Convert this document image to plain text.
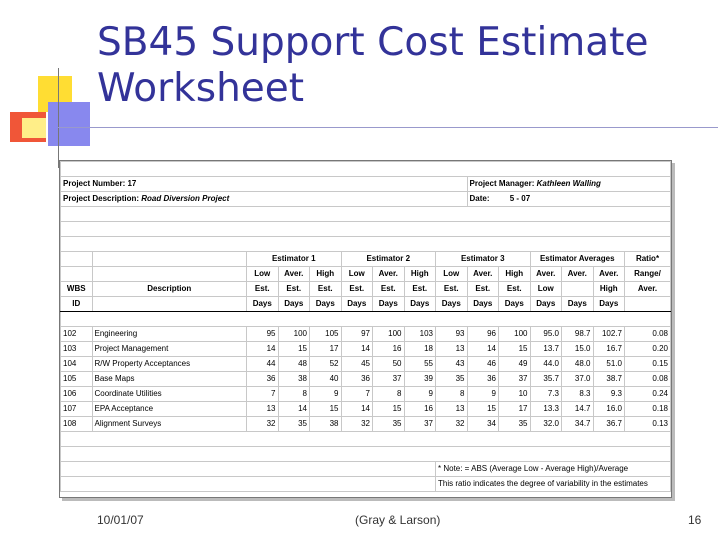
SB45 Support Cost Estimate
Worksheet

Project Number: 17									Project Manager: Kathleen Walling					
Project Description: Road Diversion Project									Date: 5 - 07					

		Estimator 1			Estimator 2			Estimator 3			Estimator Averages			Ratio*
		Low	Aver.	High	Low	Aver.	High	Low	Aver.	High	Aver.	Aver.	Aver.	Range/
WBS	Description	Est.	Est.	Est.	Est.	Est.	Est.	Est.	Est.	Est.	Low		High	Aver.
ID		Days	Days	Days	Days	Days	Days	Days	Days	Days	Days	Days	Days	

102	Engineering	95	100	105	97	100	103	93	96	100	95.0	98.7	102.7	0.08
103	Project Management	14	15	17	14	16	18	13	14	15	13.7	15.0	16.7	0.20
104	R/W Property Acceptances	44	48	52	45	50	55	43	46	49	44.0	48.0	51.0	0.15
105	Base Maps	36	38	40	36	37	39	35	36	37	35.7	37.0	38.7	0.08
106	Coordinate Utilities	7	8	9	7	8	9	8	9	10	7.3	8.3	9.3	0.24
107	EPA Acceptance	13	14	15	14	15	16	13	15	17	13.3	14.7	16.0	0.18
108	Alignment Surveys	32	35	38	32	35	37	32	34	35	32.0	34.7	36.7	0.13

								* Note: = ABS (Average Low - Average High)/Average						
								This ratio indicates the degree of variability in the estimates						
10/01/07	(Gray & Larson)	16
